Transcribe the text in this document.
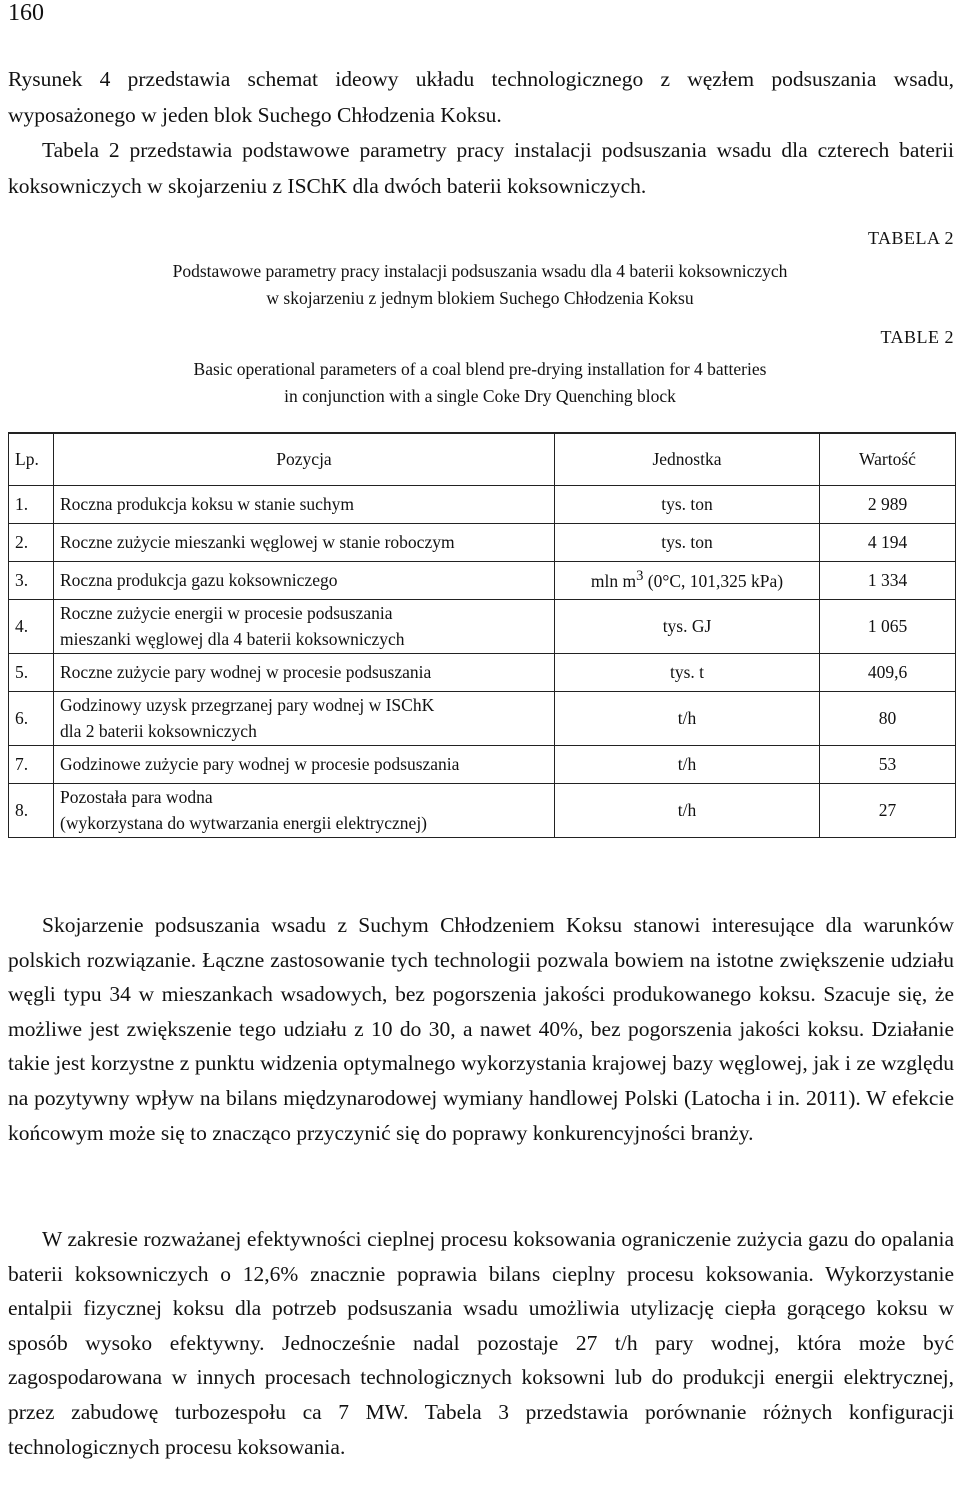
160

Rysunek 4 przedstawia schemat ideowy układu technologicznego z węzłem podsuszania wsadu, wyposażonego w jeden blok Suchego Chłodzenia Koksu.

Tabela 2 przedstawia podstawowe parametry pracy instalacji podsuszania wsadu dla czterech baterii koksowniczych w skojarzeniu z ISChK dla dwóch baterii koksowniczych.

TABELA 2
Podstawowe parametry pracy instalacji podsuszania wsadu dla 4 baterii koksowniczych
w skojarzeniu z jednym blokiem Suchego Chłodzenia Koksu
TABLE 2
Basic operational parameters of a coal blend pre-drying installation for 4 batteries
in conjunction with a single Coke Dry Quenching block
Lp.	Pozycja	Jednostka	Wartość
1.	Roczna produkcja koksu w stanie suchym	tys. ton	2 989
2.	Roczne zużycie mieszanki węglowej w stanie roboczym	tys. ton	4 194
3.	Roczna produkcja gazu koksowniczego	mln $m^3$ (0°C, 101,325 kPa)	1 334
4.	Roczne zużycie energii w procesie podsuszania
mieszanki węglowej dla 4 baterii koksowniczych	tys. GJ	1 065
5.	Roczne zużycie pary wodnej w procesie podsuszania	tys. t	409,6
6.	Godzinowy uzysk przegrzanej pary wodnej w ISChK
dla 2 baterii koksowniczych	t/h	80
7.	Godzinowe zużycie pary wodnej w procesie podsuszania	t/h	53
8.	Pozostała para wodna
(wykorzystana do wytwarzania energii elektrycznej)	t/h	27

Skojarzenie podsuszania wsadu z Suchym Chłodzeniem Koksu stanowi interesujące dla warunków polskich rozwiązanie. Łączne zastosowanie tych technologii pozwala bowiem na istotne zwiększenie udziału węgli typu 34 w mieszankach wsadowych, bez pogorszenia jakości produkowanego koksu. Szacuje się, że możliwe jest zwiększenie tego udziału z 10 do 30, a nawet 40%, bez pogorszenia jakości koksu. Działanie takie jest korzystne z punktu widzenia optymalnego wykorzystania krajowej bazy węglowej, jak i ze względu na pozytywny wpływ na bilans międzynarodowej wymiany handlowej Polski (Latocha i in. 2011). W efekcie końcowym może się to znacząco przyczynić się do poprawy konkurencyjności branży.

W zakresie rozważanej efektywności cieplnej procesu koksowania ograniczenie zużycia gazu do opalania baterii koksowniczych o 12,6% znacznie poprawia bilans cieplny procesu koksowania. Wykorzystanie entalpii fizycznej koksu dla potrzeb podsuszania wsadu umożliwia utylizację ciepła gorącego koksu w sposób wysoko efektywny. Jednocześnie nadal pozostaje 27 t/h pary wodnej, która może być zagospodarowana w innych procesach technologicznych koksowni lub do produkcji energii elektrycznej, przez zabudowę turbozespołu ca 7 MW. Tabela 3 przedstawia porównanie różnych konfiguracji technologicznych procesu koksowania.
